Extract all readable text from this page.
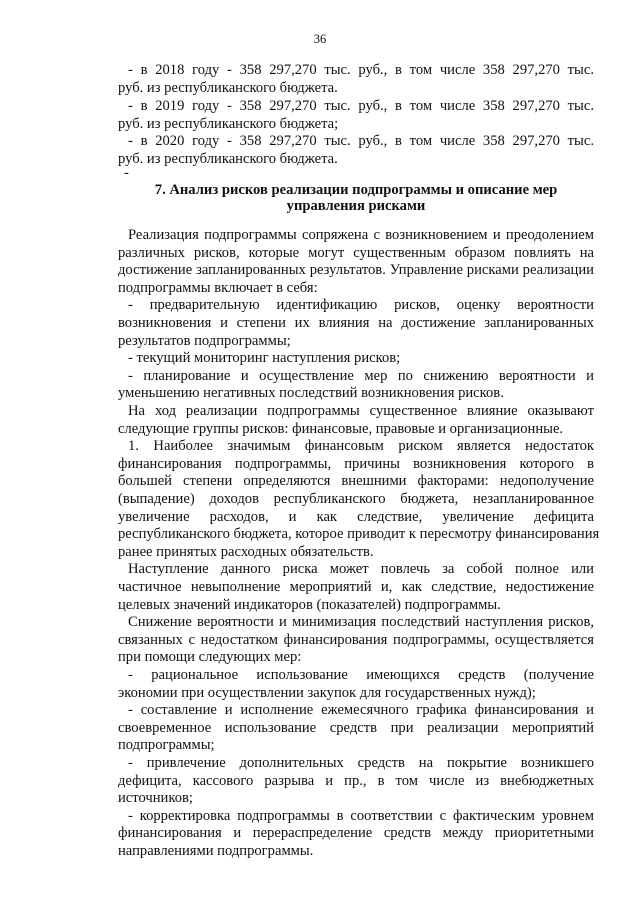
36
- в 2018 году - 358 297,270 тыс. руб., в том числе 358 297,270 тыс.
руб. из республиканского бюджета.
- в 2019 году - 358 297,270 тыс. руб., в том числе 358 297,270 тыс.
руб. из республиканского бюджета;
- в 2020 году - 358 297,270 тыс. руб., в том числе 358 297,270 тыс.
руб. из республиканского бюджета.
-
7. Анализ рисков реализации подпрограммы и описание мер
управления рисками
Реализация подпрограммы сопряжена с возникновением и преодолением
различных рисков, которые могут существенным образом повлиять на
достижение запланированных результатов. Управление рисками реализации
подпрограммы включает в себя:
- предварительную идентификацию рисков, оценку вероятности
возникновения и степени их влияния на достижение запланированных
результатов подпрограммы;
- текущий мониторинг наступления рисков;
- планирование и осуществление мер по снижению вероятности и
уменьшению негативных последствий возникновения рисков.
На ход реализации подпрограммы существенное влияние оказывают
следующие группы рисков: финансовые, правовые и организационные.
1. Наиболее значимым финансовым риском является недостаток
финансирования подпрограммы, причины возникновения которого в
большей степени определяются внешними факторами: недополучение
(выпадение) доходов республиканского бюджета, незапланированное
увеличение расходов, и как следствие, увеличение дефицита
республиканского бюджета, которое приводит к пересмотру финансирования
ранее принятых расходных обязательств.
Наступление данного риска может повлечь за собой полное или
частичное невыполнение мероприятий и, как следствие, недостижение
целевых значений индикаторов (показателей) подпрограммы.
Снижение вероятности и минимизация последствий наступления рисков,
связанных с недостатком финансирования подпрограммы, осуществляется
при помощи следующих мер:
- рациональное использование имеющихся средств (получение
экономии при осуществлении закупок для государственных нужд);
- составление и исполнение ежемесячного графика финансирования и
своевременное использование средств при реализации мероприятий
подпрограммы;
- привлечение дополнительных средств на покрытие возникшего
дефицита, кассового разрыва и пр., в том числе из внебюджетных
источников;
- корректировка подпрограммы в соответствии с фактическим уровнем
финансирования и перераспределение средств между приоритетными
направлениями подпрограммы.
